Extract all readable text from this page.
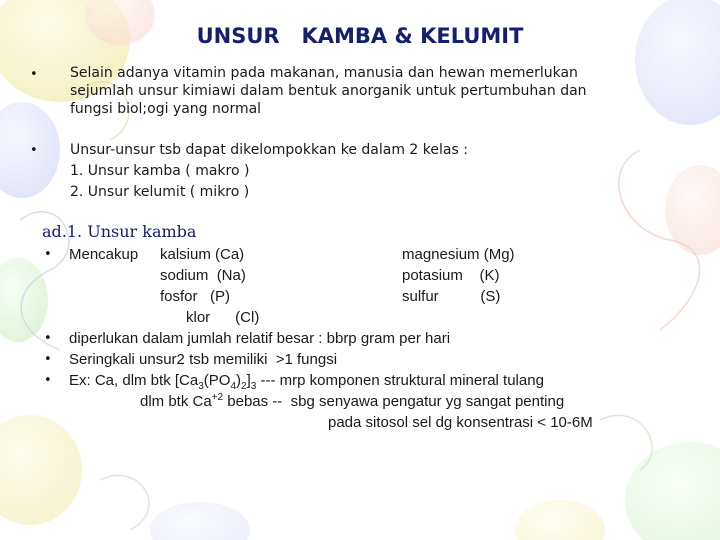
UNSUR   KAMBA & KELUMIT
• Selain adanya vitamin pada makanan, manusia dan hewan memerlukan
sejumlah unsur kimiawi dalam bentuk anorganik untuk pertumbuhan dan
fungsi biol;ogi yang normal
• Unsur-unsur tsb dapat dikelompokkan ke dalam 2 kelas :
1. Unsur kamba ( makro )
2. Unsur kelumit ( mikro )
ad.1. Unsur kamba
• Mencakup kalsium (Ca)
sodium  (Na)
fosfor   (P)
klor      (Cl)
magnesium (Mg)
potasium    (K)
sulfur          (S)
• diperlukan dalam jumlah relatif besar : bbrp gram per hari
• Seringkali unsur2 tsb memiliki  >1 fungsi
• Ex: Ca, dlm btk $[Ca_3(PO_4)_2]_3$ --- mrp komponen struktural mineral tulang
dlm btk $Ca^{+2}$ bebas --  sbg senyawa pengatur yg sangat penting
pada sitosol sel dg konsentrasi < 10-6M
